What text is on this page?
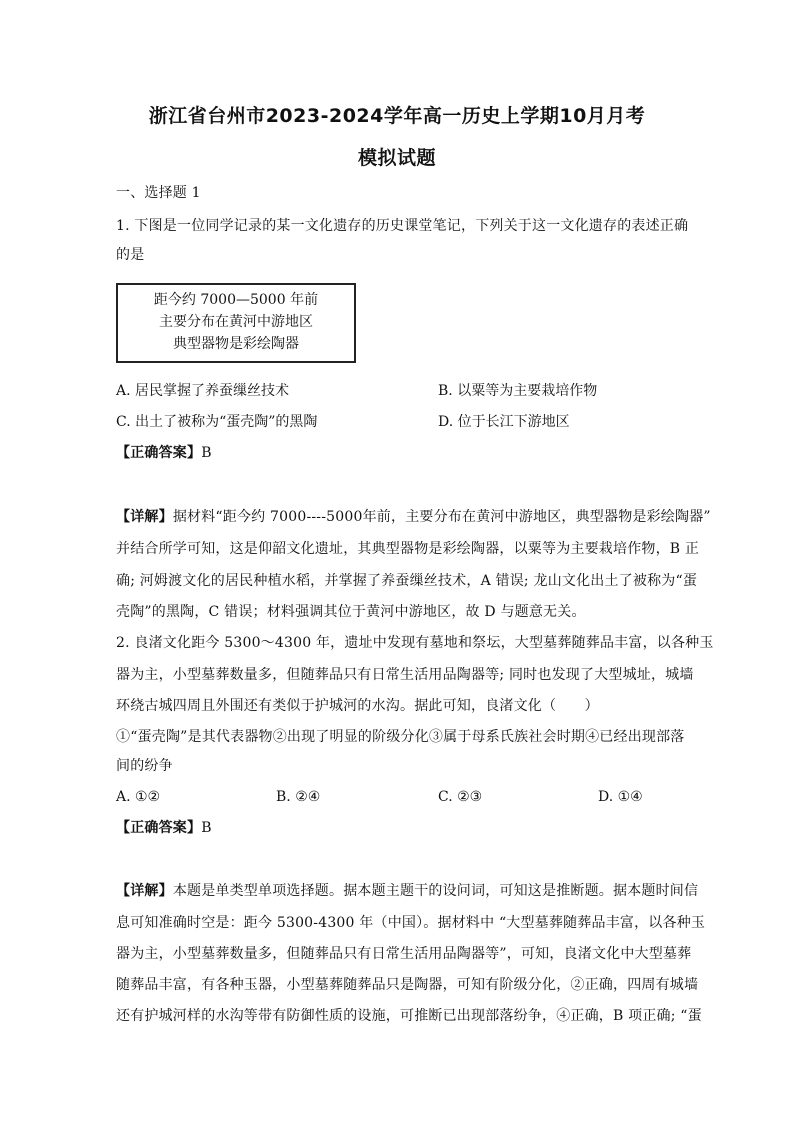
浙江省台州市2023-2024学年高一历史上学期10月月考
模拟试题
一、选择题 1
1. 下图是一位同学记录的某一文化遗存的历史课堂笔记，下列关于这一文化遗存的表述正确
的是
距今约 7000—5000 年前
主要分布在黄河中游地区
典型器物是彩绘陶器
A. 居民掌握了养蚕缫丝技术	B. 以粟等为主要栽培作物
C. 出土了被称为“蛋壳陶”的黑陶	D. 位于长江下游地区
【正确答案】B
【详解】据材料“距今约 7000----5000年前，主要分布在黄河中游地区，典型器物是彩绘陶器”
并结合所学可知，这是仰韶文化遗址，其典型器物是彩绘陶器，以粟等为主要栽培作物，B 正
确; 河姆渡文化的居民种植水稻，并掌握了养蚕缫丝技术，A 错误; 龙山文化出土了被称为“蛋
壳陶”的黑陶，C 错误；材料强调其位于黄河中游地区，故 D 与题意无关。
2. 良渚文化距今 5300～4300 年，遗址中发现有墓地和祭坛，大型墓葬随葬品丰富，以各种玉
器为主，小型墓葬数量多，但随葬品只有日常生活用品陶器等; 同时也发现了大型城址，城墙
环绕古城四周且外围还有类似于护城河的水沟。据此可知，良渚文化（　　）
①“蛋壳陶”是其代表器物②出现了明显的阶级分化③属于母系氏族社会时期④已经出现部落
间的纷争
A. ①②	B. ②④	C. ②③	D. ①④
【正确答案】B
【详解】本题是单类型单项选择题。据本题主题干的设问词，可知这是推断题。据本题时间信
息可知准确时空是：距今 5300-4300 年（中国）。据材料中 “大型墓葬随葬品丰富，以各种玉
器为主，小型墓葬数量多，但随葬品只有日常生活用品陶器等”，可知，良渚文化中大型墓葬
随葬品丰富，有各种玉器，小型墓葬随葬品只是陶器，可知有阶级分化，②正确，四周有城墙
还有护城河样的水沟等带有防御性质的设施，可推断已出现部落纷争，④正确，B 项正确; “蛋
